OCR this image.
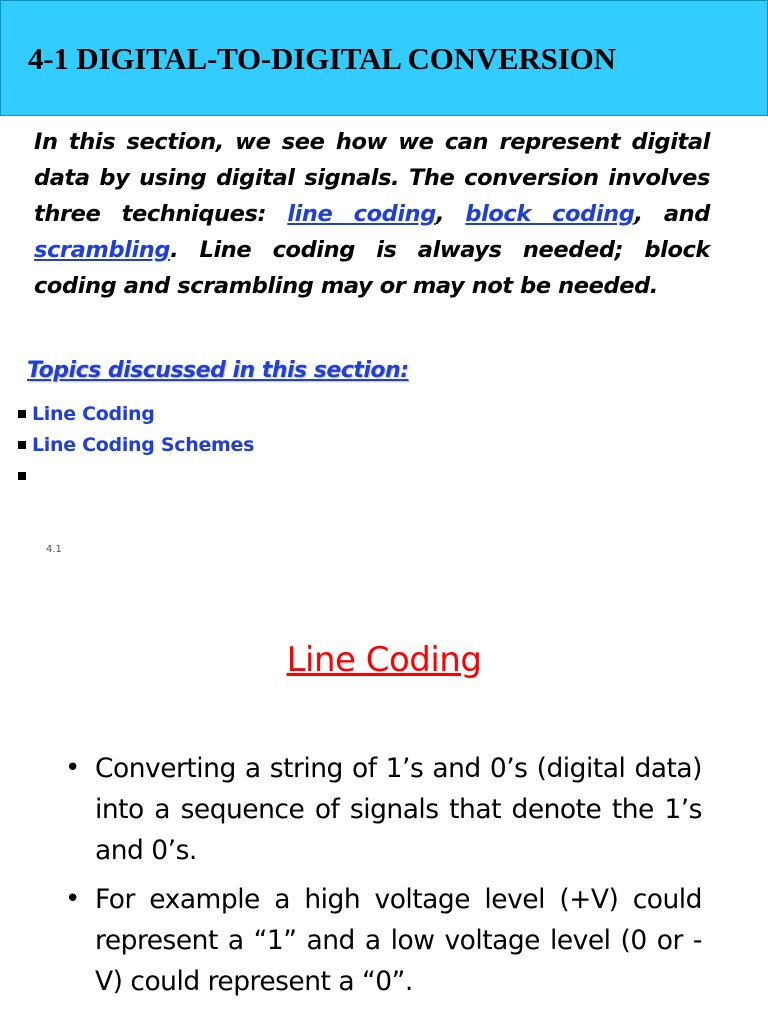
4-1 DIGITAL-TO-DIGITAL CONVERSION
In this section, we see how we can represent digital data by using digital signals. The conversion involves three techniques: line coding, block coding, and scrambling. Line coding is always needed; block coding and scrambling may or may not be needed.
Topics discussed in this section:
Line Coding
Line Coding Schemes
4.1
Line Coding
• Converting a string of 1’s and 0’s (digital data) into a sequence of signals that denote the 1’s and 0’s.
• For example a high voltage level (+V) could represent a “1” and a low voltage level (0 or -V) could represent a “0”.
